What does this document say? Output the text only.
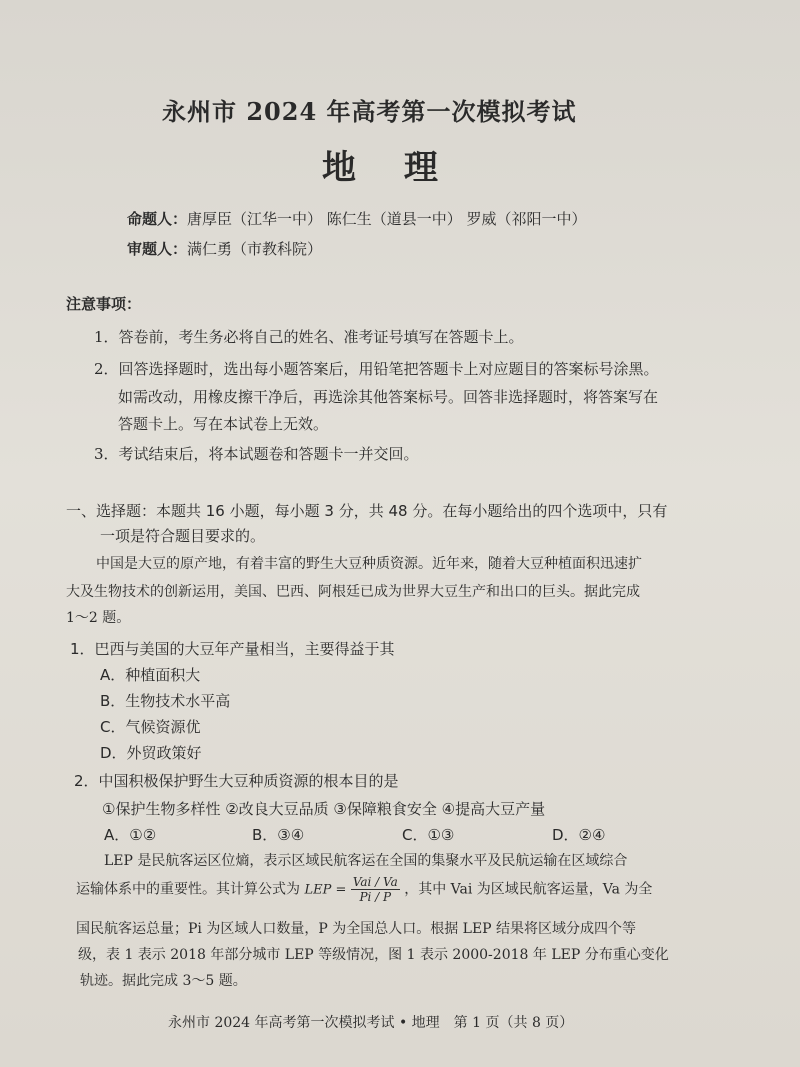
永州市 2024 年高考第一次模拟考试
地 理
命题人：唐厚臣（江华一中） 陈仁生（道县一中） 罗威（祁阳一中）
审题人：满仁勇（市教科院）
注意事项：
1．答卷前，考生务必将自己的姓名、准考证号填写在答题卡上。
2．回答选择题时，选出每小题答案后，用铅笔把答题卡上对应题目的答案标号涂黑。
如需改动，用橡皮擦干净后，再选涂其他答案标号。回答非选择题时，将答案写在
答题卡上。写在本试卷上无效。
3．考试结束后，将本试题卷和答题卡一并交回。
一、选择题：本题共 16 小题，每小题 3 分，共 48 分。在每小题给出的四个选项中，只有
一项是符合题目要求的。
中国是大豆的原产地，有着丰富的野生大豆种质资源。近年来，随着大豆种植面积迅速扩
大及生物技术的创新运用，美国、巴西、阿根廷已成为世界大豆生产和出口的巨头。据此完成
1～2 题。
1．巴西与美国的大豆年产量相当，主要得益于其
A．种植面积大
B．生物技术水平高
C．气候资源优
D．外贸政策好
2．中国积极保护野生大豆种质资源的根本目的是
①保护生物多样性 ②改良大豆品质 ③保障粮食安全 ④提高大豆产量
A．①②	B．③④	C．①③	D．②④
LEP 是民航客运区位熵，表示区域民航客运在全国的集聚水平及民航运输在区域综合
运输体系中的重要性。其计算公式为 LEP = $\frac{\text{Vai / Va}}{Pi / P}$ ，其中 Vai 为区域民航客运量，Va 为全
国民航客运总量；Pi 为区域人口数量，P 为全国总人口。根据 LEP 结果将区域分成四个等
级，表 1 表示 2018 年部分城市 LEP 等级情况，图 1 表示 2000-2018 年 LEP 分布重心变化
轨迹。据此完成 3～5 题。
永州市 2024 年高考第一次模拟考试 • 地理　第 1 页（共 8 页）
